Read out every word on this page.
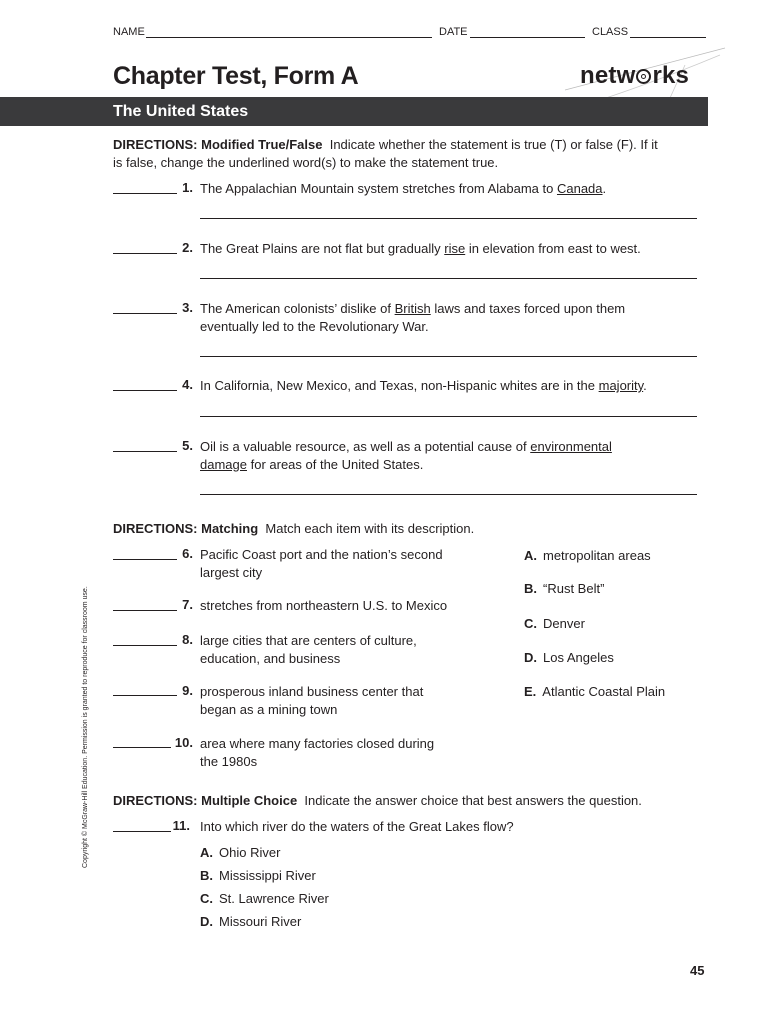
NAME	DATE	CLASS
Chapter Test, Form A	netw rks
The United States
DIRECTIONS: Modified True/False Indicate whether the statement is true (T) or false (F). If it
is false, change the underlined word(s) to make the statement true.
1. The Appalachian Mountain system stretches from Alabama to Canada.
2. The Great Plains are not flat but gradually rise in elevation from east to west.
3. The American colonists’ dislike of British laws and taxes forced upon them
eventually led to the Revolutionary War.
4. In California, New Mexico, and Texas, non-Hispanic whites are in the majority.
5. Oil is a valuable resource, as well as a potential cause of environmental
damage for areas of the United States.
DIRECTIONS: Matching Match each item with its description.
6. Pacific Coast port and the nation’s second
largest city
7. stretches from northeastern U.S. to Mexico
8. large cities that are centers of culture,
education, and business
9. prosperous inland business center that
began as a mining town
10. area where many factories closed during
the 1980s
A. metropolitan areas
B. “Rust Belt”
C. Denver
D. Los Angeles
E. Atlantic Coastal Plain
DIRECTIONS: Multiple Choice Indicate the answer choice that best answers the question.
11. Into which river do the waters of the Great Lakes flow?
A. Ohio River
B. Mississippi River
C. St. Lawrence River
D. Missouri River
Copyright © McGraw-Hill Education. Permission is granted to reproduce for classroom use.
45
